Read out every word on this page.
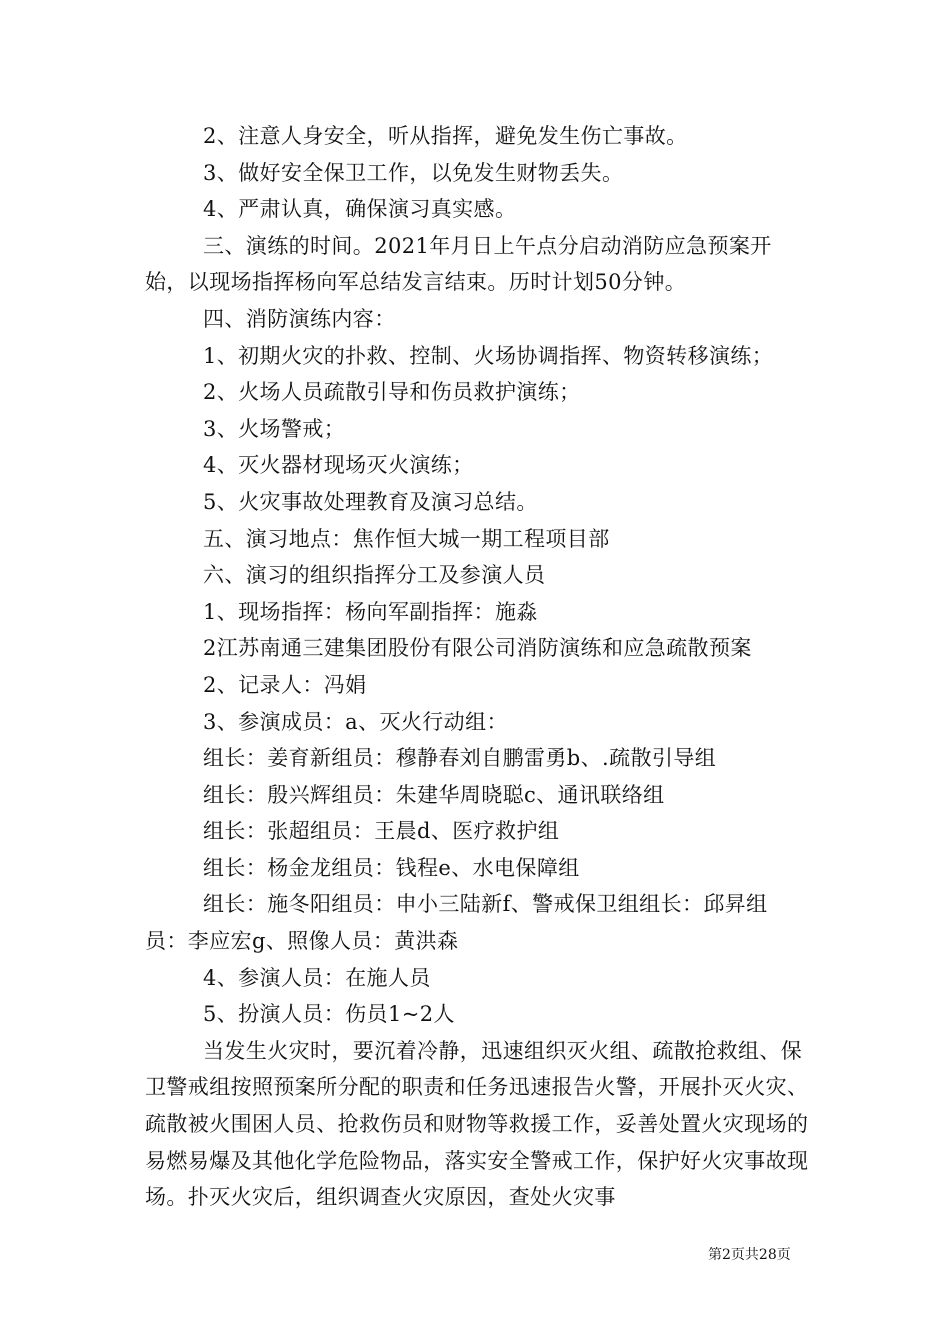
2、注意人身安全，听从指挥，避免发生伤亡事故。

3、做好安全保卫工作，以免发生财物丢失。

4、严肃认真，确保演习真实感。

三、演练的时间。2021年月日上午点分启动消防应急预案开始，以现场指挥杨向军总结发言结束。历时计划50分钟。

四、消防演练内容：

1、初期火灾的扑救、控制、火场协调指挥、物资转移演练；

2、火场人员疏散引导和伤员救护演练；

3、火场警戒；

4、灭火器材现场灭火演练；

5、火灾事故处理教育及演习总结。

五、演习地点：焦作恒大城一期工程项目部

六、演习的组织指挥分工及参演人员

1、现场指挥：杨向军副指挥：施淼

2江苏南通三建集团股份有限公司消防演练和应急疏散预案

2、记录人：冯娟

3、参演成员：a、灭火行动组：

组长：姜育新组员：穆静春刘自鹏雷勇b、.疏散引导组

组长：殷兴辉组员：朱建华周晓聪c、通讯联络组

组长：张超组员：王晨d、医疗救护组

组长：杨金龙组员：钱程e、水电保障组

组长：施冬阳组员：申小三陆新f、警戒保卫组组长：邱昇组员：李应宏g、照像人员：黄洪森

4、参演人员：在施人员

5、扮演人员：伤员1~2人

当发生火灾时，要沉着冷静，迅速组织灭火组、疏散抢救组、保卫警戒组按照预案所分配的职责和任务迅速报告火警，开展扑灭火灾、疏散被火围困人员、抢救伤员和财物等救援工作，妥善处置火灾现场的易燃易爆及其他化学危险物品，落实安全警戒工作，保护好火灾事故现场。扑灭火灾后，组织调查火灾原因，查处火灾事

第2页共28页
